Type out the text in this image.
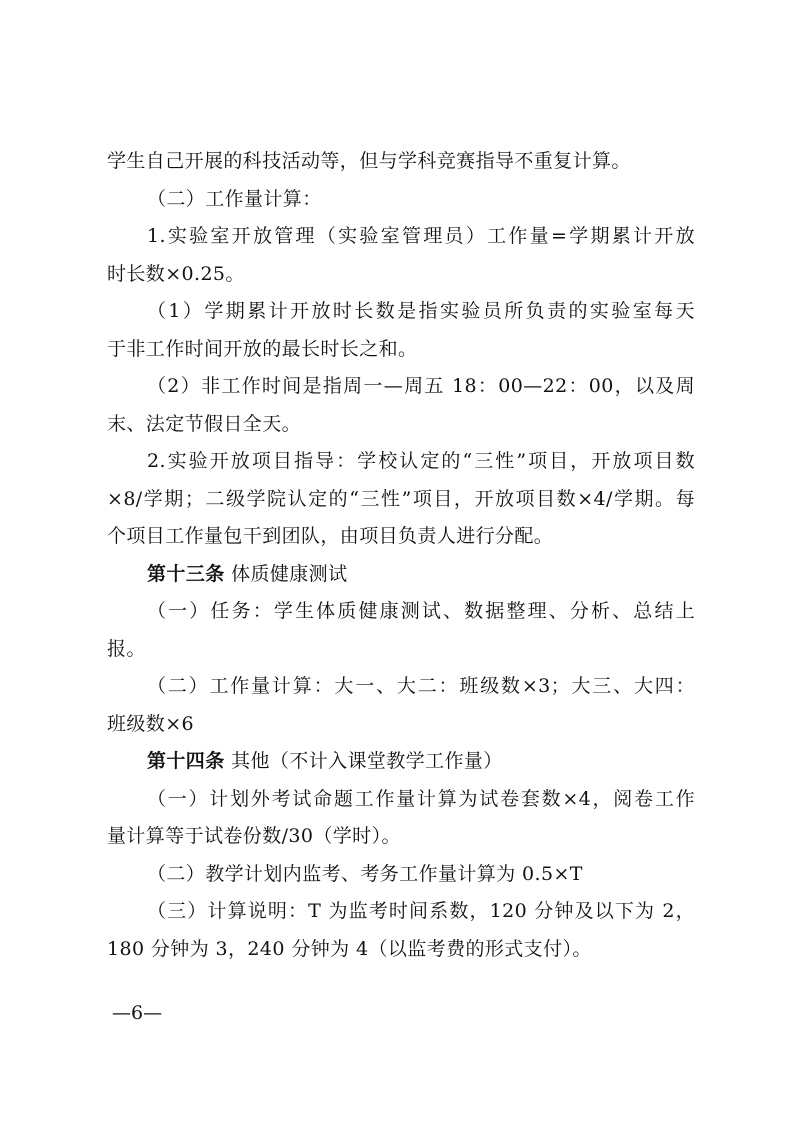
学生自己开展的科技活动等，但与学科竞赛指导不重复计算。
（二）工作量计算：
1.实验室开放管理（实验室管理员）工作量=学期累计开放
时长数×0.25。
（1）学期累计开放时长数是指实验员所负责的实验室每天
于非工作时间开放的最长时长之和。
（2）非工作时间是指周一—周五 18：00—22：00，以及周
末、法定节假日全天。
2.实验开放项目指导：学校认定的“三性”项目，开放项目数
×8/学期；二级学院认定的“三性”项目，开放项目数×4/学期。每
个项目工作量包干到团队，由项目负责人进行分配。
第十三条 体质健康测试
（一）任务：学生体质健康测试、数据整理、分析、总结上
报。
（二）工作量计算：大一、大二：班级数×3；大三、大四：
班级数×6
第十四条 其他（不计入课堂教学工作量）
（一）计划外考试命题工作量计算为试卷套数×4，阅卷工作
量计算等于试卷份数/30（学时）。
（二）教学计划内监考、考务工作量计算为 0.5×T
（三）计算说明：T 为监考时间系数，120 分钟及以下为 2，
180 分钟为 3，240 分钟为 4（以监考费的形式支付）。
—6—
